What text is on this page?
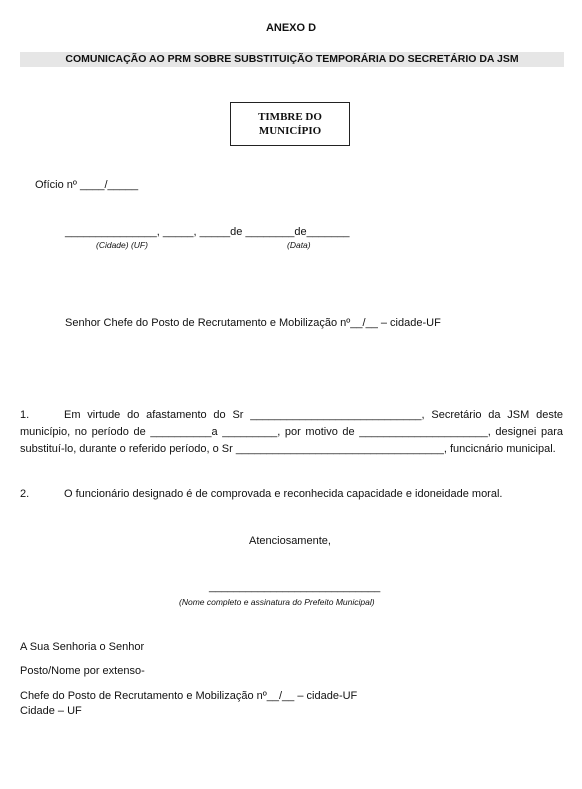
ANEXO D
COMUNICAÇÃO AO PRM SOBRE SUBSTITUIÇÃO TEMPORÁRIA DO SECRETÁRIO DA JSM
TIMBRE DO
MUNICÍPIO
Ofício nº ____/_____
_______________, _____, _____de ________de_______
(Cidade) (UF)	(Data)
Senhor Chefe do Posto de Recrutamento e Mobilização nº__/__ – cidade-UF
1.	Em virtude do afastamento do Sr ____________________________, Secretário da JSM deste município, no período de __________a _________, por motivo de _____________________, designei para substituí-lo, durante o referido período, o Sr __________________________________, funcicnário municipal.
2.	O funcionário designado é de comprovada e reconhecida capacidade e idoneidade moral.
Atenciosamente,
____________________________
(Nome completo e assinatura do Prefeito Municipal)
A Sua Senhoria o Senhor
Posto/Nome por extenso-
Chefe do Posto de Recrutamento e Mobilização nº__/__ – cidade-UF
Cidade – UF
